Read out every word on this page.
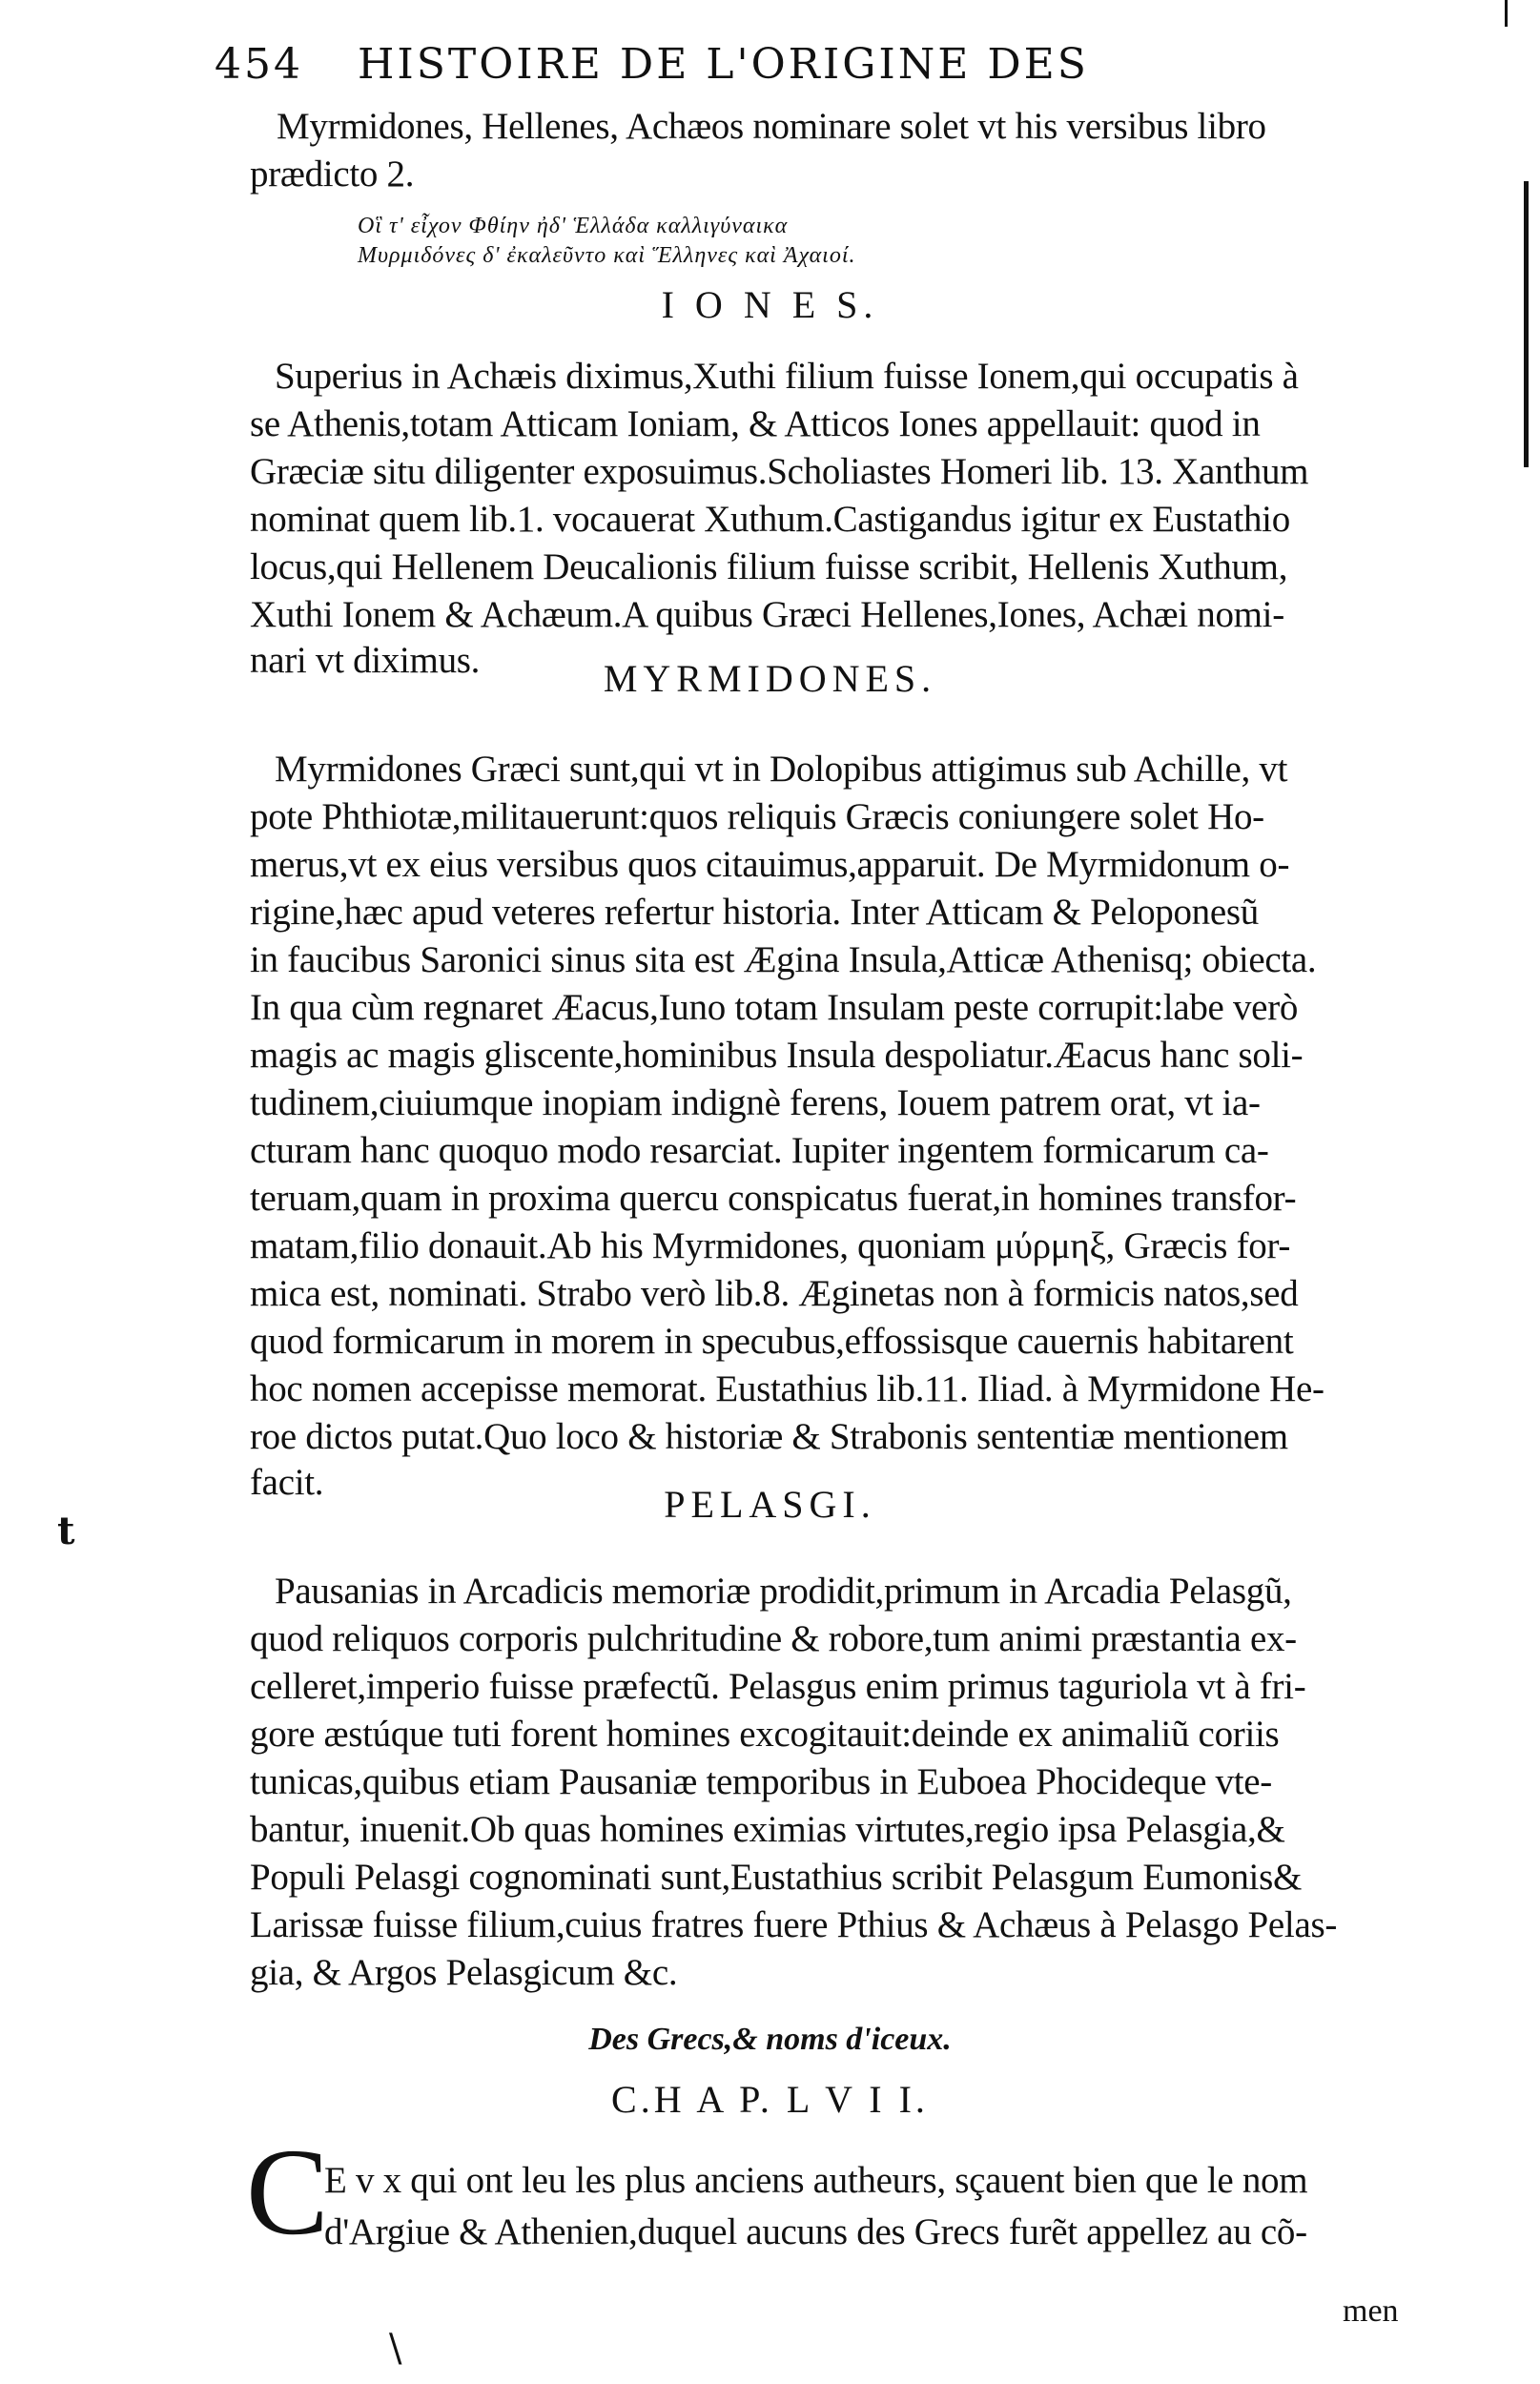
454 HISTOIRE DE L'ORIGINE DES
Myrmidones, Hellenes, Achæos nominare solet vt his versibus libro
prædicto 2.
Οἳ τ' εἶχον Φθίην ἠδ' Ἑλλάδα καλλιγύναικα
Μυρμιδόνες δ' ἐκαλεῦντο καὶ Ἕλληνες καὶ Ἀχαιοί.
I O N E S.
Superius in Achæis diximus,Xuthi filium fuisse Ionem,qui occupatis à
se Athenis,totam Atticam Ioniam, & Atticos Iones appellauit: quod in
Græciæ situ diligenter exposuimus.Scholiastes Homeri lib. 13. Xanthum
nominat quem lib.1. vocauerat Xuthum.Castigandus igitur ex Eustathio
locus,qui Hellenem Deucalionis filium fuisse scribit, Hellenis Xuthum,
Xuthi Ionem & Achæum.A quibus Græci Hellenes,Iones, Achæi nomi-
nari vt diximus.	MYRMIDONES.
Myrmidones Græci sunt,qui vt in Dolopibus attigimus sub Achille, vt
pote Phthiotæ,militauerunt:quos reliquis Græcis coniungere solet Ho-
merus,vt ex eius versibus quos citauimus,apparuit. De Myrmidonum o-
rigine,hæc apud veteres refertur historia. Inter Atticam & Peloponesũ
in faucibus Saronici sinus sita est Ægina Insula,Atticæ Athenisq; obiecta.
In qua cùm regnaret Æacus,Iuno totam Insulam peste corrupit:labe verò
magis ac magis gliscente,hominibus Insula despoliatur.Æacus hanc soli-
tudinem,ciuiumque inopiam indignè ferens, Iouem patrem orat, vt ia-
cturam hanc quoquo modo resarciat. Iupiter ingentem formicarum ca-
teruam,quam in proxima quercu conspicatus fuerat,in homines transfor-
matam,filio donauit.Ab his Myrmidones, quoniam μύρμηξ, Græcis for-
mica est, nominati. Strabo verò lib.8. Æginetas non à formicis natos,sed
quod formicarum in morem in specubus,effossisque cauernis habitarent
hoc nomen accepisse memorat. Eustathius lib.11. Iliad. à Myrmidone He-
roe dictos putat.Quo loco & historiæ & Strabonis sententiæ mentionem
facit.
PELASGI.
Pausanias in Arcadicis memoriæ prodidit,primum in Arcadia Pelasgũ,
quod reliquos corporis pulchritudine & robore,tum animi præstantia ex-
celleret,imperio fuisse præfectũ. Pelasgus enim primus taguriola vt à fri-
gore æstúque tuti forent homines excogitauit:deinde ex animaliũ coriis
tunicas,quibus etiam Pausaniæ temporibus in Euboea Phocideque vte-
bantur, inuenit.Ob quas homines eximias virtutes,regio ipsa Pelasgia,&
Populi Pelasgi cognominati sunt,Eustathius scribit Pelasgum Eumonis&
Larissæ fuisse filium,cuius fratres fuere Pthius & Achæus à Pelasgo Pelas-
gia, & Argos Pelasgicum &c.
Des Grecs,& noms d'iceux.
C.H A P. L V I I.
C
E v x qui ont leu les plus anciens autheurs, sçauent bien que le nom
d'Argiue & Athenien,duquel aucuns des Grecs furẽt appellez au cõ-
men
t
\
